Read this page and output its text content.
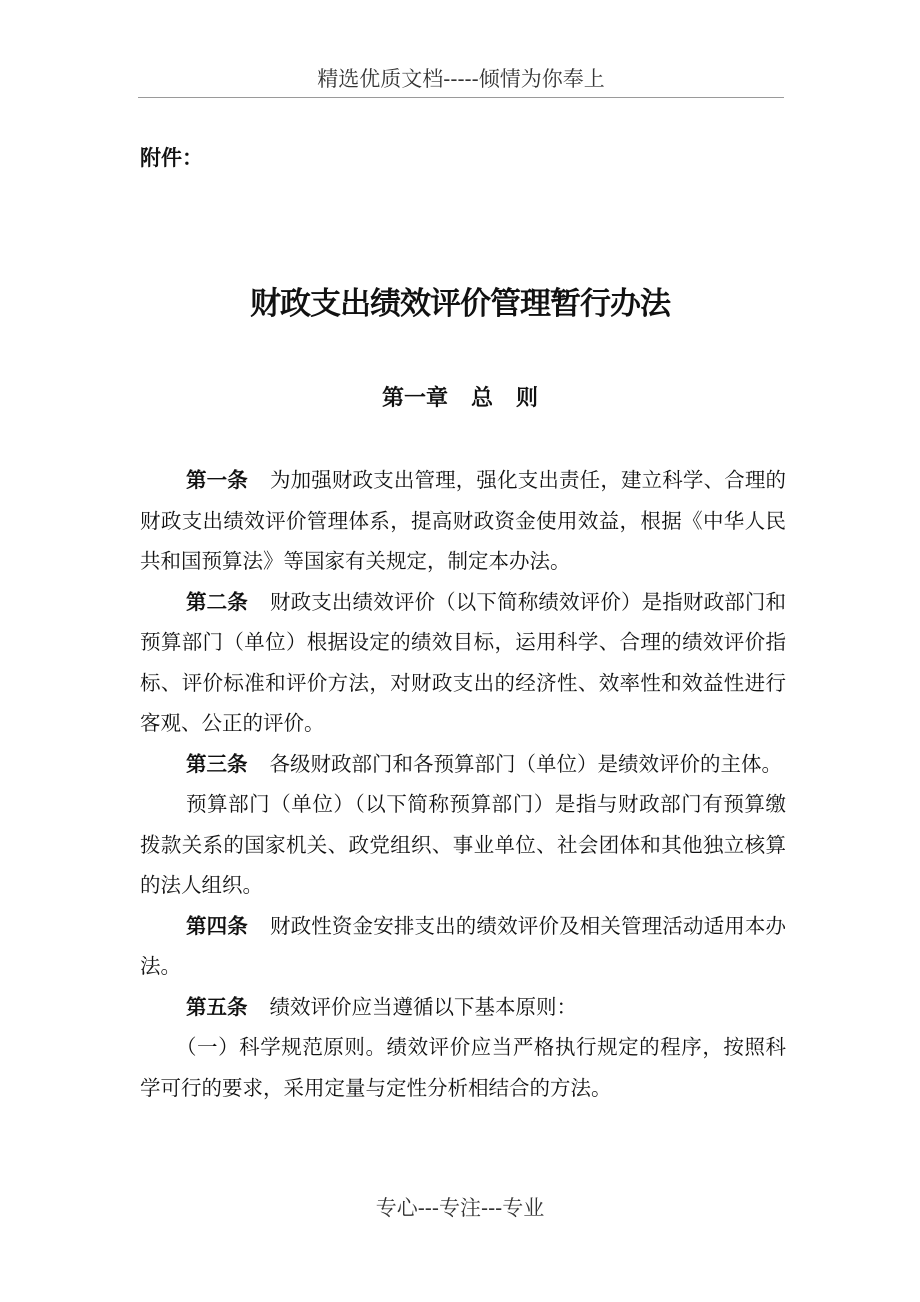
精选优质文档-----倾情为你奉上
附件：
财政支出绩效评价管理暂行办法
第一章   总   则

第一条 为加强财政支出管理，强化支出责任，建立科学、合理的财政支出绩效评价管理体系，提高财政资金使用效益，根据《中华人民共和国预算法》等国家有关规定，制定本办法。

第二条 财政支出绩效评价（以下简称绩效评价）是指财政部门和预算部门（单位）根据设定的绩效目标，运用科学、合理的绩效评价指标、评价标准和评价方法，对财政支出的经济性、效率性和效益性进行客观、公正的评价。

第三条 各级财政部门和各预算部门（单位）是绩效评价的主体。

预算部门（单位）（以下简称预算部门）是指与财政部门有预算缴拨款关系的国家机关、政党组织、事业单位、社会团体和其他独立核算的法人组织。

第四条 财政性资金安排支出的绩效评价及相关管理活动适用本办法。

第五条 绩效评价应当遵循以下基本原则：

（一）科学规范原则。绩效评价应当严格执行规定的程序，按照科学可行的要求，采用定量与定性分析相结合的方法。

专心---专注---专业
